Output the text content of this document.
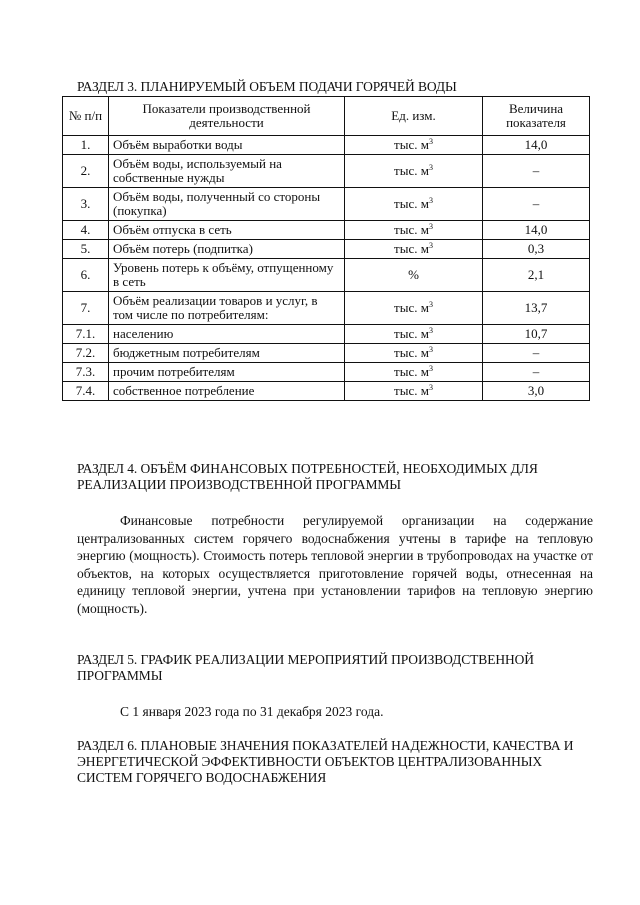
РАЗДЕЛ 3. ПЛАНИРУЕМЫЙ ОБЪЕМ ПОДАЧИ ГОРЯЧЕЙ ВОДЫ
№ п/п	Показатели производственной деятельности	Ед. изм.	Величина показателя
1.	Объём выработки воды	тыс. $м^3$	14,0
2.	Объём воды, используемый на собственные нужды	тыс. $м^3$	–
3.	Объём воды, полученный со стороны (покупка)	тыс. $м^3$	–
4.	Объём отпуска в сеть	тыс. $м^3$	14,0
5.	Объём потерь (подпитка)	тыс. $м^3$	0,3
6.	Уровень потерь к объёму, отпущенному в сеть	%	2,1
7.	Объём реализации товаров и услуг, в том числе по потребителям:	тыс. $м^3$	13,7
7.1.	населению	тыс. $м^3$	10,7
7.2.	бюджетным потребителям	тыс. $м^3$	–
7.3.	прочим потребителям	тыс. $м^3$	–
7.4.	собственное потребление	тыс. $м^3$	3,0
РАЗДЕЛ 4. ОБЪЁМ ФИНАНСОВЫХ ПОТРЕБНОСТЕЙ, НЕОБХОДИМЫХ ДЛЯ РЕАЛИЗАЦИИ ПРОИЗВОДСТВЕННОЙ ПРОГРАММЫ

Финансовые потребности регулируемой организации на содержание централизованных систем горячего водоснабжения учтены в тарифе на тепловую энергию (мощность). Стоимость потерь тепловой энергии в трубопроводах на участке от объектов, на которых осуществляется приготовление горячей воды, отнесенная на единицу тепловой энергии, учтена при установлении тарифов на тепловую энергию (мощность).

РАЗДЕЛ 5. ГРАФИК РЕАЛИЗАЦИИ МЕРОПРИЯТИЙ ПРОИЗВОДСТВЕННОЙ ПРОГРАММЫ

С 1 января 2023 года по 31 декабря 2023 года.

РАЗДЕЛ 6. ПЛАНОВЫЕ ЗНАЧЕНИЯ ПОКАЗАТЕЛЕЙ НАДЕЖНОСТИ, КАЧЕСТВА И ЭНЕРГЕТИЧЕСКОЙ ЭФФЕКТИВНОСТИ ОБЪЕКТОВ ЦЕНТРАЛИЗОВАННЫХ СИСТЕМ ГОРЯЧЕГО ВОДОСНАБЖЕНИЯ
